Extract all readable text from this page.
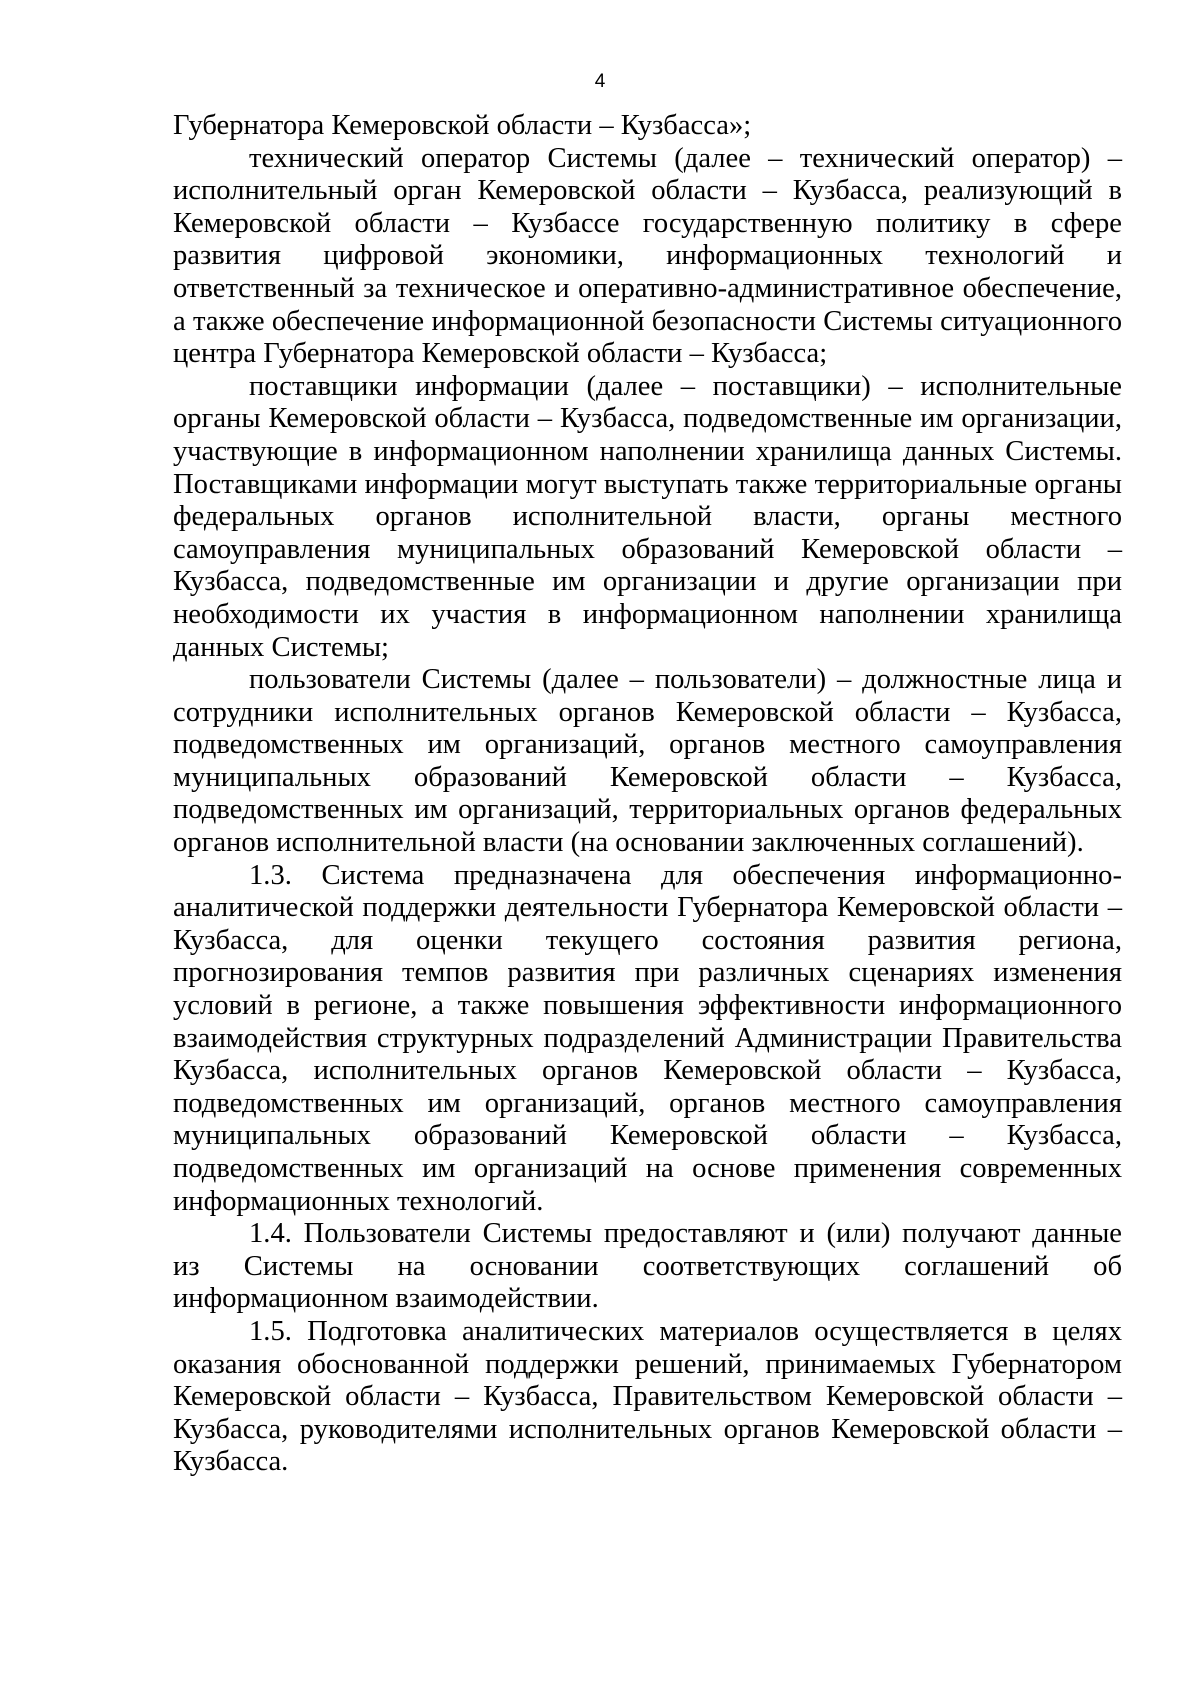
4

Губернатора Кемеровской области – Кузбасса»;

технический оператор Системы (далее – технический оператор) – исполнительный орган Кемеровской области – Кузбасса, реализующий в Кемеровской области – Кузбассе государственную политику в сфере развития цифровой экономики, информационных технологий и ответственный за техническое и оперативно-административное обеспечение, а также обеспечение информационной безопасности Системы ситуационного центра Губернатора Кемеровской области – Кузбасса;

поставщики информации (далее – поставщики) – исполнительные органы Кемеровской области – Кузбасса, подведомственные им организации, участвующие в информационном наполнении хранилища данных Системы. Поставщиками информации могут выступать также территориальные органы федеральных органов исполнительной власти, органы местного самоуправления муниципальных образований Кемеровской области – Кузбасса, подведомственные им организации и другие организации при необходимости их участия в информационном наполнении хранилища данных Системы;

пользователи Системы (далее – пользователи) – должностные лица и сотрудники исполнительных органов Кемеровской области – Кузбасса, подведомственных им организаций, органов местного самоуправления муниципальных образований Кемеровской области – Кузбасса, подведомственных им организаций, территориальных органов федеральных органов исполнительной власти (на основании заключенных соглашений).

1.3. Система предназначена для обеспечения информационно-аналитической поддержки деятельности Губернатора Кемеровской области – Кузбасса, для оценки текущего состояния развития региона, прогнозирования темпов развития при различных сценариях изменения условий в регионе, а также повышения эффективности информационного взаимодействия структурных подразделений Администрации Правительства Кузбасса, исполнительных органов Кемеровской области – Кузбасса, подведомственных им организаций, органов местного самоуправления муниципальных образований Кемеровской области – Кузбасса, подведомственных им организаций на основе применения современных информационных технологий.

1.4. Пользователи Системы предоставляют и (или) получают данные из Системы на основании соответствующих соглашений об информационном взаимодействии.

1.5. Подготовка аналитических материалов осуществляется в целях оказания обоснованной поддержки решений, принимаемых Губернатором Кемеровской области – Кузбасса, Правительством Кемеровской области – Кузбасса, руководителями исполнительных органов Кемеровской области – Кузбасса.
